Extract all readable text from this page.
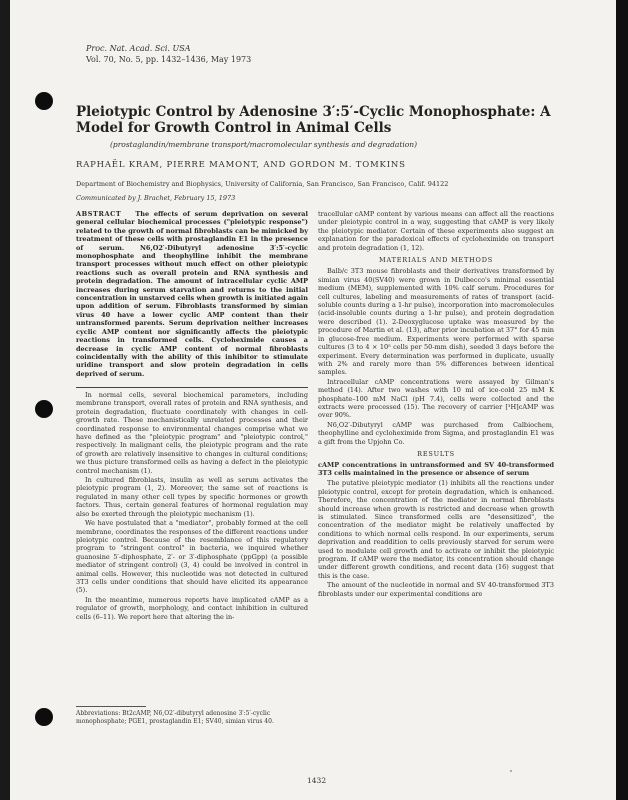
Proc. Nat. Acad. Sci. USA
Vol. 70, No. 5, pp. 1432–1436, May 1973
Pleiotypic Control by Adenosine 3′:5′-Cyclic Monophosphate: A Model for Growth Control in Animal Cells

(prostaglandin/membrane transport/macromolecular synthesis and degradation)

RAPHAËL KRAM, PIERRE MAMONT, AND GORDON M. TOMKINS

Department of Biochemistry and Biophysics, University of California, San Francisco, San Francisco, Calif. 94122

Communicated by J. Brachet, February 15, 1973

ABSTRACT The effects of serum deprivation on several general cellular biochemical processes ("pleiotypic response") related to the growth of normal fibroblasts can be mimicked by treatment of these cells with prostaglandin E1 in the presence of serum. N6,O2′-Dibutyryl adenosine 3′:5′-cyclic monophosphate and theophylline inhibit the membrane transport processes without much effect on other pleiotypic reactions such as overall protein and RNA synthesis and protein degradation. The amount of intracellular cyclic AMP increases during serum starvation and returns to the initial concentration in unstarved cells when growth is initiated again upon addition of serum. Fibroblasts transformed by simian virus 40 have a lower cyclic AMP content than their untransformed parents. Serum deprivation neither increases cyclic AMP content nor significantly affects the pleiotypic reactions in transformed cells. Cycloheximide causes a decrease in cyclic AMP content of normal fibroblasts coincidentally with the ability of this inhibitor to stimulate uridine transport and slow protein degradation in cells deprived of serum.

In normal cells, several biochemical parameters, including membrane transport, overall rates of protein and RNA synthesis, and protein degradation, fluctuate coordinately with changes in cell-growth rate. These mechanistically unrelated processes and their coordinated response to environmental changes comprise what we have defined as the "pleiotypic program" and "pleiotypic control," respectively. In malignant cells, the pleiotypic program and the rate of growth are relatively insensitive to changes in cultural conditions; we thus picture transformed cells as having a defect in the pleiotypic control mechanism (1).

In cultured fibroblasts, insulin as well as serum activates the pleiotypic program (1, 2). Moreover, the same set of reactions is regulated in many other cell types by specific hormones or growth factors. Thus, certain general features of hormonal regulation may also be exerted through the pleiotypic mechanism (1).

We have postulated that a "mediator", probably formed at the cell membrane, coordinates the responses of the different reactions under pleiotypic control. Because of the resemblance of this regulatory program to "stringent control" in bacteria, we inquired whether guanosine 5′-diphosphate, 2′- or 3′-diphosphate (ppGpp) (a possible mediator of stringent control) (3, 4) could be involved in control in animal cells. However, this nucleotide was not detected in cultured 3T3 cells under conditions that should have elicited its appearance (5).

In the meantime, numerous reports have implicated cAMP as a regulator of growth, morphology, and contact inhibition in cultured cells (6–11). We report here that altering the in-

Abbreviations: Bt2cAMP, N6,O2′-dibutyryl adenosine 3′:5′-cyclic monophosphate; PGE1, prostaglandin E1; SV40, simian virus 40.

tracellular cAMP content by various means can affect all the reactions under pleiotypic control in a way, suggesting that cAMP is very likely the pleiotypic mediator. Certain of these experiments also suggest an explanation for the paradoxical effects of cycloheximide on transport and protein degradation (1, 12).

MATERIALS AND METHODS

Balb/c 3T3 mouse fibroblasts and their derivatives transformed by simian virus 40(SV40) were grown in Dulbecco's minimal essential medium (MEM), supplemented with 10% calf serum. Procedures for cell cultures, labeling and measurements of rates of transport (acid-soluble counts during a 1-hr pulse), incorporation into macromolecules (acid-insoluble counts during a 1-hr pulse), and protein degradation were described (1). 2-Deoxyglucose uptake was measured by the procedure of Martin et al. (13), after prior incubation at 37° for 45 min in glucose-free medium. Experiments were performed with sparse cultures (3 to 4 × 10⁵ cells per 50-mm dish), seeded 3 days before the experiment. Every determination was performed in duplicate, usually with 2% and rarely more than 5% differences between identical samples.

Intracellular cAMP concentrations were assayed by Gilman's method (14). After two washes with 10 ml of ice-cold 25 mM K phosphate–100 mM NaCl (pH 7.4), cells were collected and the extracts were processed (15). The recovery of carrier [³H]cAMP was over 90%.

N6,O2′-Dibutyryl cAMP was purchased from Calbiochem, theophylline and cycloheximide from Sigma, and prostaglandin E1 was a gift from the Upjohn Co.

RESULTS

cAMP concentrations in untransformed and SV 40-transformed 3T3 cells maintained in the presence or absence of serum

The putative pleiotypic mediator (1) inhibits all the reactions under pleiotypic control, except for protein degradation, which is enhanced. Therefore, the concentration of the mediator in normal fibroblasts should increase when growth is restricted and decrease when growth is stimulated. Since transformed cells are "desensitized", the concentration of the mediator might be relatively unaffected by conditions to which normal cells respond. In our experiments, serum deprivation and readdition to cells previously starved for serum were used to modulate cell growth and to activate or inhibit the pleiotypic program. If cAMP were the mediator, its concentration should change under different growth conditions, and recent data (16) suggest that this is the case.

The amount of the nucleotide in normal and SV 40-transformed 3T3 fibroblasts under our experimental conditions are

1432
